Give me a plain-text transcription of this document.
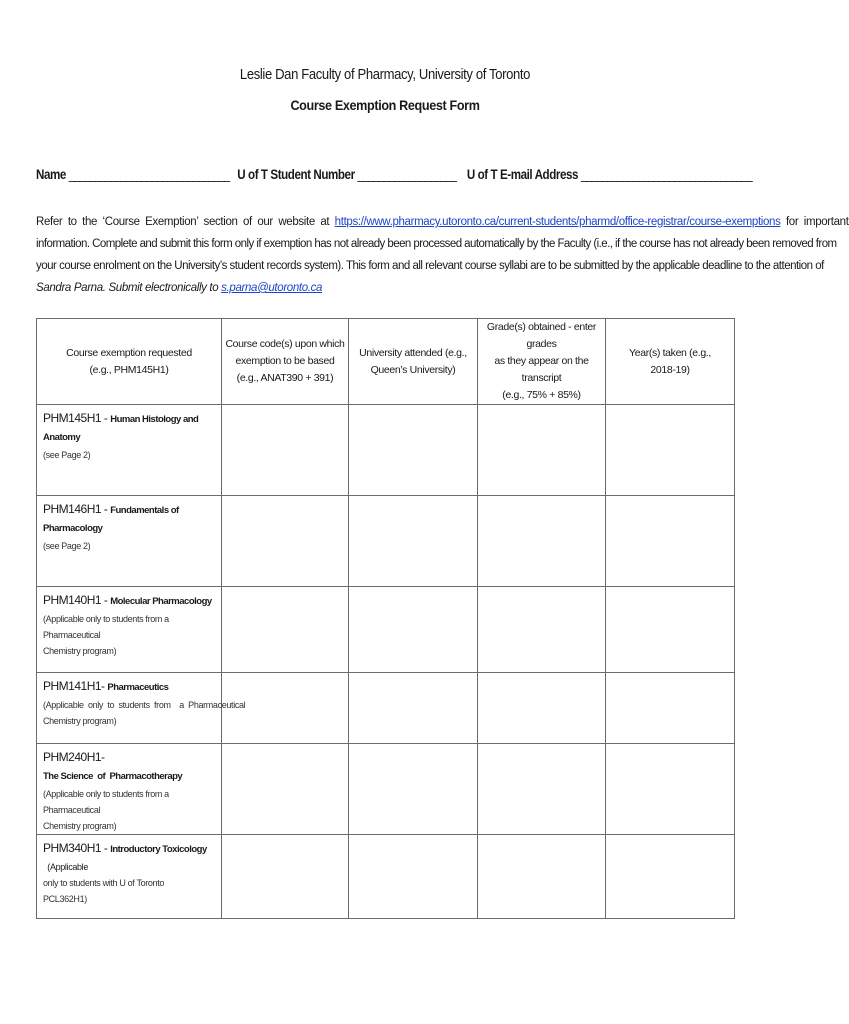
Leslie Dan Faculty of Pharmacy, University of Toronto
Course Exemption Request Form
Name _______________________________ U of T Student Number ___________________ U of T E-mail Address _________________________________
Refer to the ‘Course Exemption’ section of our website at https://www.pharmacy.utoronto.ca/current-students/pharmd/office-registrar/course-exemptions for important
information. Complete and submit this form only if exemption has not already been processed automatically by the Faculty (i.e., if the course has not already been removed from
your course enrolment on the University’s student records system). This form and all relevant course syllabi are to be submitted by the applicable deadline to the attention of
Sandra Parna. Submit electronically to s.parna@utoronto.ca
Course exemption requested
(e.g., PHM145H1)	Course code(s) upon which
exemption to be based
(e.g., ANAT390 + 391)	University attended (e.g.,
Queen’s University)	Grade(s) obtained - enter grades
as they appear on the transcript
(e.g., 75% + 85%)	Year(s) taken (e.g.,
2018-19)
PHM145H1 - Human Histology and Anatomy
(see Page 2)				

PHM146H1 - Fundamentals of Pharmacology
(see Page 2)				

PHM140H1 - Molecular Pharmacology
(Applicable only to students from a Pharmaceutical
Chemistry program)				

PHM141H1- Pharmaceutics
(Applicable  only  to  students  from    a  Pharmaceutical
Chemistry program)				

PHM240H1- The Science  of  Pharmacotherapy
(Applicable only to students from a Pharmaceutical
Chemistry program)				

PHM340H1 - Introductory Toxicology  (Applicable
only to students with U of Toronto
PCL362H1)				
